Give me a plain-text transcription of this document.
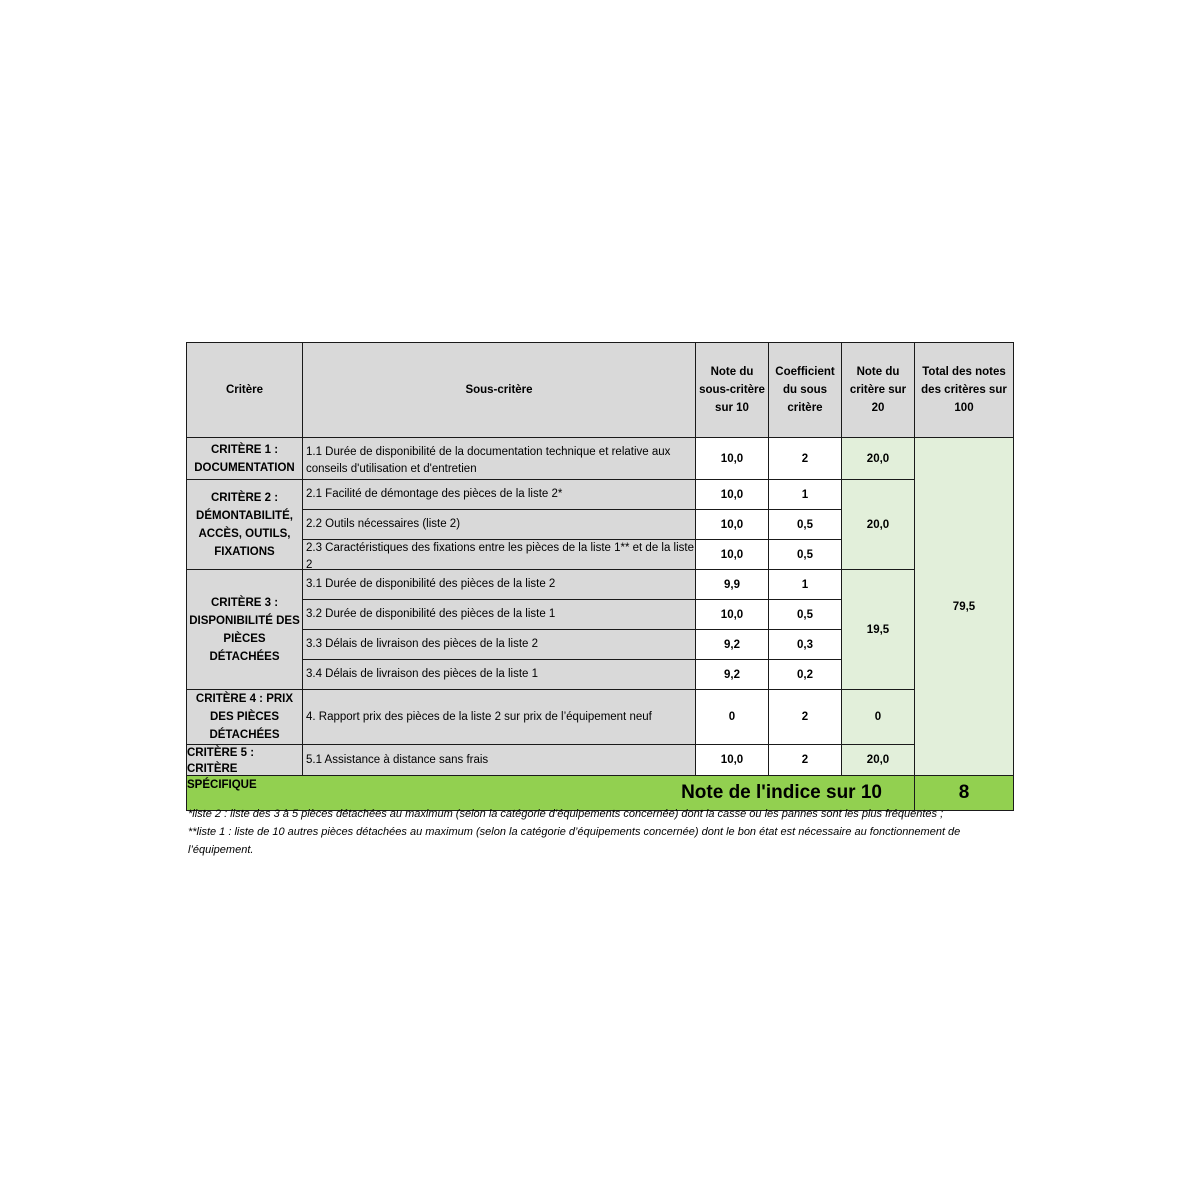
Critère	Sous-critère	Note du sous-critère sur 10	Coefficient du sous critère	Note du critère sur 20	Total des notes des critères sur 100
CRITÈRE 1 : DOCUMENTATION	1.1 Durée de disponibilité de la documentation technique et relative aux conseils d'utilisation et d'entretien	10,0	2	20,0	79,5
CRITÈRE 2 : DÉMONTABILITÉ, ACCÈS, OUTILS, FIXATIONS	2.1 Facilité de démontage des pièces de la liste 2*	10,0	1	20,0	
	2.2 Outils nécessaires (liste 2)	10,0	0,5		

	2.3 Caractéristiques des fixations entre les pièces de la liste 1** et de la liste 2	10,0	0,5		
CRITÈRE 3 : DISPONIBILITÉ DES PIÈCES DÉTACHÉES	3.1 Durée de disponibilité des pièces de la liste 2	9,9	1	19,5	
	3.2 Durée de disponibilité des pièces de la liste 1	10,0	0,5		
	3.3 Délais de livraison des pièces de la liste 2	9,2	0,3		
	3.4 Délais de livraison des pièces de la liste 1	9,2	0,2		
CRITÈRE 4 : PRIX DES PIÈCES DÉTACHÉES	4. Rapport prix des pièces de la liste 2 sur prix de l’équipement neuf	0	2	0	

CRITÈRE 5 : CRITÈRE SPÉCIFIQUE	5.1 Assistance à distance sans frais	10,0	2	20,0	
Note de l'indice sur 10					8

*liste 2 : liste des 3 à 5 pièces détachées au maximum (selon la catégorie d’équipements concernée) dont la casse ou les pannes sont les plus fréquentes ;

**liste 1 : liste de 10 autres pièces détachées au maximum (selon la catégorie d’équipements concernée) dont le bon état est nécessaire au fonctionnement de l’équipement.
